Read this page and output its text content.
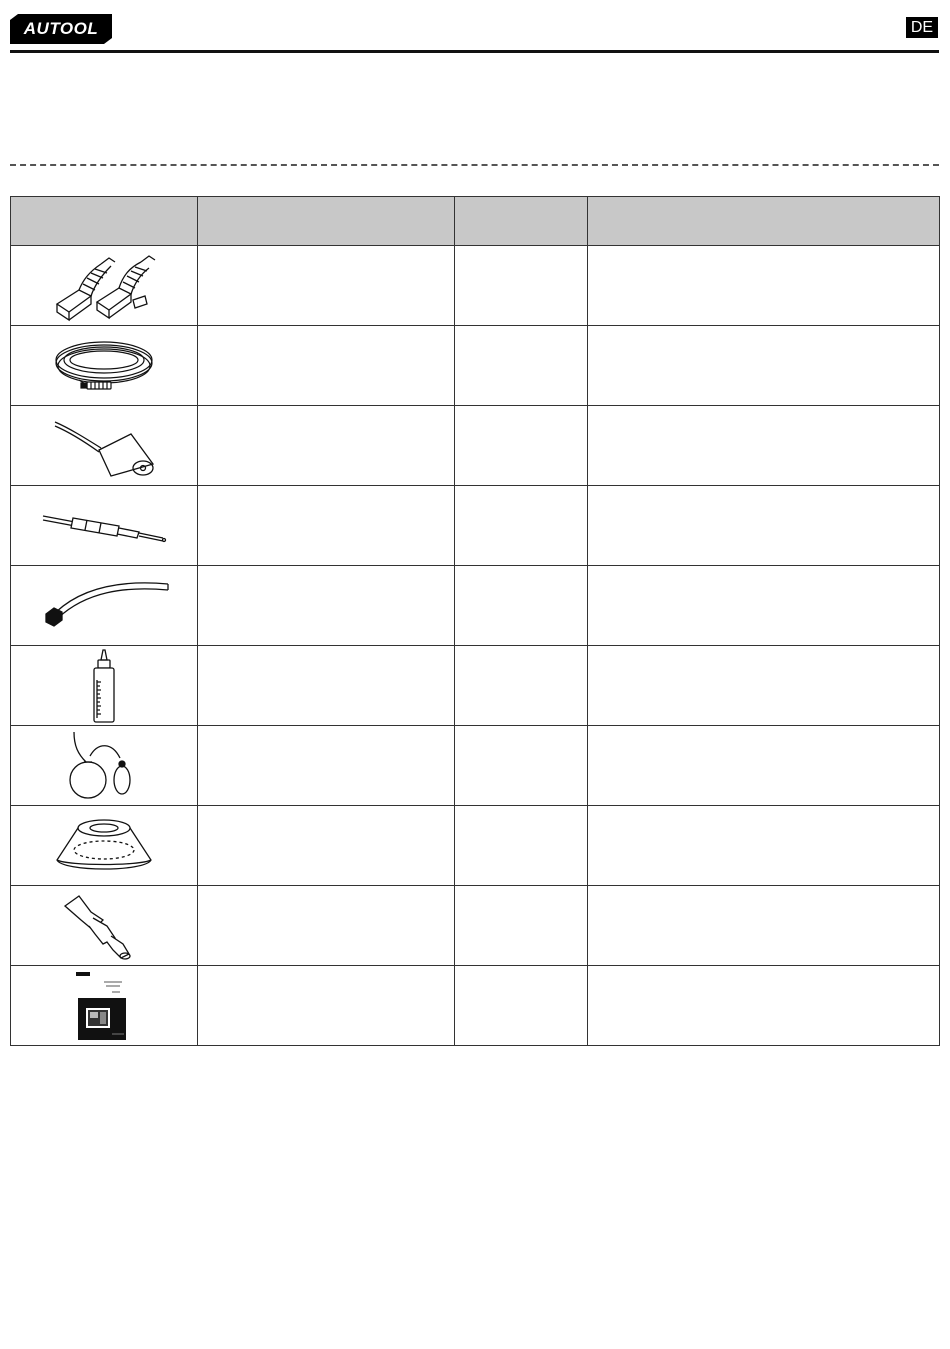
AUTOOL	DE
